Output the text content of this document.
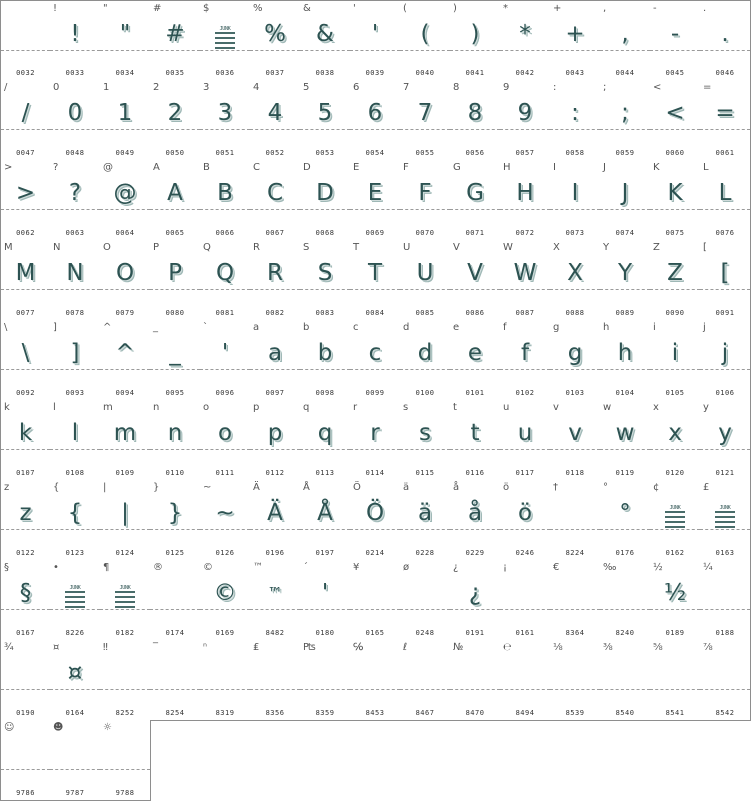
0032
!
!
0033
"
"
0034
#
#
0035
$
JUNK
0036
%
%
0037
&
&
0038
'
'
0039
(
(
0040
)
)
0041
*
*
0042
+
+
0043
,
,
0044
-
-
0045
.
.
0046
/
/
0047
0
0
0048
1
1
0049
2
2
0050
3
3
0051
4
4
0052
5
5
0053
6
6
0054
7
7
0055
8
8
0056
9
9
0057
:
:
0058
;
;
0059
<
<
0060
=
=
0061
>
>
0062
?
?
0063
@
@
0064
A
A
0065
B
B
0066
C
C
0067
D
D
0068
E
E
0069
F
F
0070
G
G
0071
H
H
0072
I
I
0073
J
J
0074
K
K
0075
L
L
0076
M
M
0077
N
N
0078
O
O
0079
P
P
0080
Q
Q
0081
R
R
0082
S
S
0083
T
T
0084
U
U
0085
V
V
0086
W
W
0087
X
X
0088
Y
Y
0089
Z
Z
0090
[
[
0091
\
\
0092
]
]
0093
^
^
0094
_
_
0095
`
'
0096
a
a
0097
b
b
0098
c
c
0099
d
d
0100
e
e
0101
f
f
0102
g
g
0103
h
h
0104
i
i
0105
j
j
0106
k
k
0107
l
l
0108
m
m
0109
n
n
0110
o
o
0111
p
p
0112
q
q
0113
r
r
0114
s
s
0115
t
t
0116
u
u
0117
v
v
0118
w
w
0119
x
x
0120
y
y
0121
z
z
0122
{
{
0123
|
|
0124
}
}
0125
~
~
0126
Ä
Ä
0196
Å
Å
0197
Ö
Ö
0214
ä
ä
0228
å
å
0229
ö
ö
0246
†
8224
°
°
0176
¢
JUNK
0162
£
JUNK
0163
§
§
0167
•
JUNK
8226
¶
JUNK
0182
®
0174
©
©
0169
™
™
8482
´
'
0180
¥
0165
ø
0248
¿
¿
0191
¡
0161
€
8364
‰
8240
½
½
0189
¼
0188
¾
0190
¤
¤
0164
‼
8252
‾
8254
ⁿ
8319
₤
8356
₧
8359
℅
8453
ℓ
8467
№
8470
℮
8494
⅛
8539
⅜
8540
⅝
8541
⅞
8542
☺
9786
☻
9787
☼
9788
